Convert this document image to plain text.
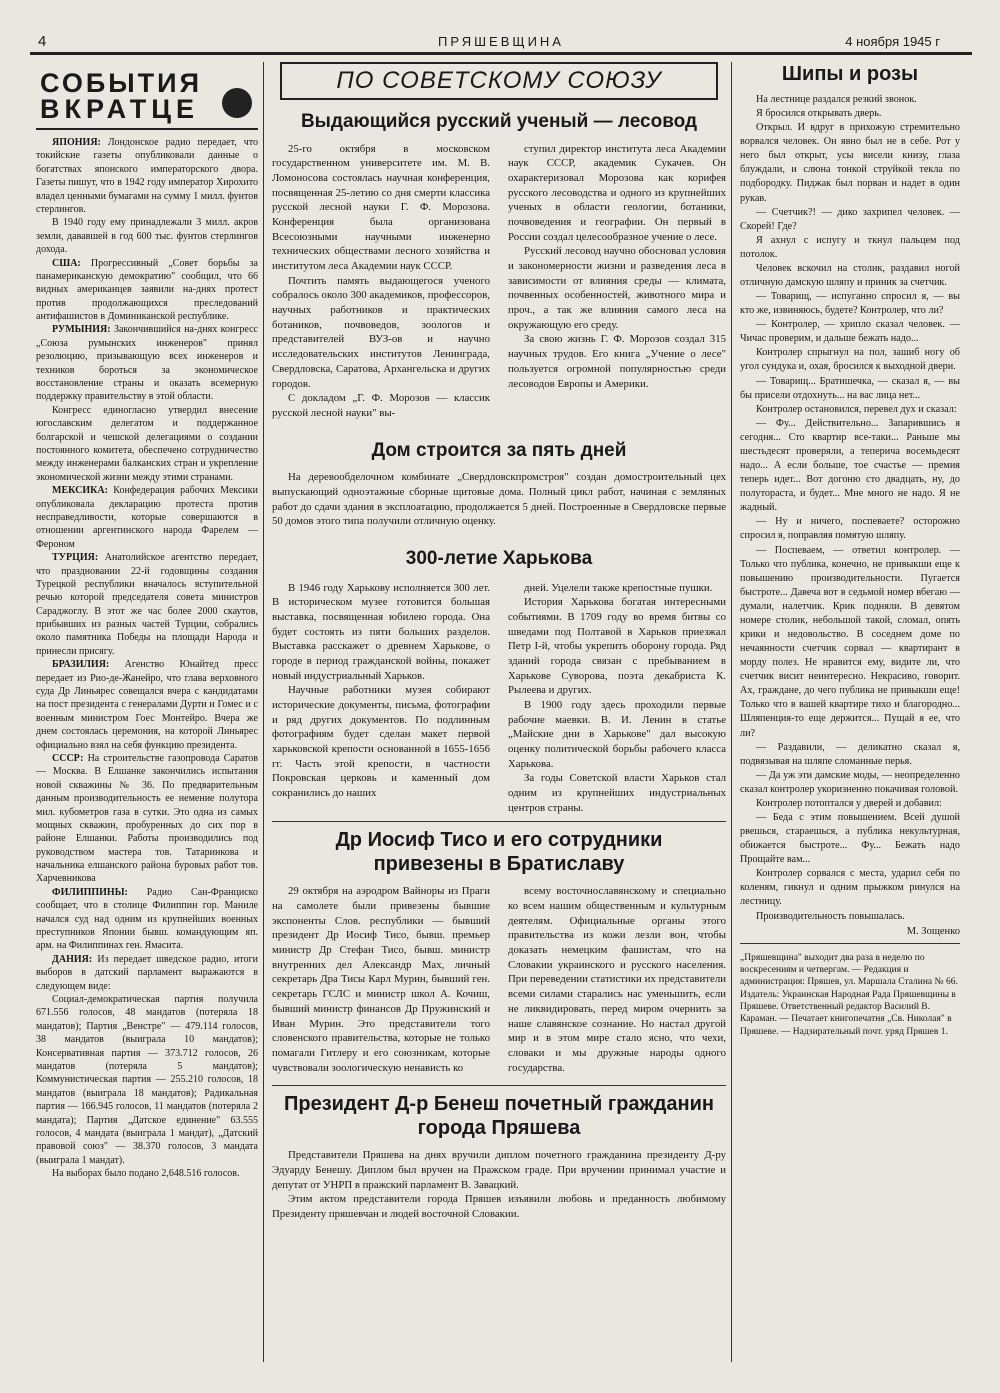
4	ПРЯШЕВЩИНА	4 ноября 1945 г
СОБЫТИЯ
ВКРАТЦЕ

ЯПОНИЯ: Лондонское радио передает, что токийские газеты опубликовали данные о богатствах японского императорского двора. Газеты пишут, что в 1942 году император Хирохито владел ценными бумагами на сумму 1 милл. фунтов стерлингов.

В 1940 году ему принадлежали 3 милл. акров земли, дававшей в год 600 тыс. фунтов стерлингов дохода.

США: Прогрессивный „Совет борьбы за панамериканскую демократию" сообщил, что 66 видных американцев заявили на-днях протест против продолжающихся преследований антифашистов в Доминиканской республике.

РУМЫНИЯ: Закончившийся на-днях конгресс „Союза румынских инженеров" принял резолюцию, призывающую всех инженеров и техников бороться за экономическое восстановление страны и оказать всемерную поддержку правительству в этой области.

Конгресс единогласно утвердил внесение югославским делегатом и поддержанное болгарской и чешской делегациями о создании постоянного комитета, обеспечено сотрудничество между инженерами балканских стран и укрепление экономической жизни между этими странами.

МЕКСИКА: Конфедерация рабочих Мексики опубликовала декларацию протеста против несправедливости, которые совершаются в отношении аргентинского народа Фарелем — Фероном

ТУРЦИЯ: Анатолийское агентство передает, что праздновании 22-й годовщины создания Турецкой республики вначалось вступительной речью которой председателя совета министров Сараджоглу. В этот же час более 2000 скаутов, прибывших из разных частей Турции, собрались около памятника Победы на площади Народа и принесли присягу.

БРАЗИЛИЯ: Агенство Юнайтед пресс передает из Рио-де-Жанейро, что глава верховного суда Др Линьярес совещался вчера с кандидатами на пост президента с генералами Дурти и Гомес и с военным министром Гоес Монтейро. Вчера же днем состоялась церемония, на которой Линьярес официально взял на себя функцию президента.

СССР: На строительстве газопровода Саратов — Москва. В Елшанке закончились испытания новой скважины № 36. По предварительным данным производительность ее немение полутора мил. кубометров газа в сутки. Это одна из самых мощных скважин, пробуренных до сих пор в районе Елшанки. Работы производились под руководством мастера тов. Татаринкова и начальника елшанского района буровых работ тов. Харчевникова

ФИЛИППИНЫ: Радио Сан-Франциско сообщает, что в столице Филиппин гор. Маниле начался суд над одним из крупнейших военных преступников Японии бывш. командующим яп. арм. на Филиппинах ген. Ямасита.

ДАНИЯ: Из передает шведское радио, итоги выборов в датский парламент выражаются в следующем виде:

Социал-демократическая партия получила 671.556 голосов, 48 мандатов (потеряла 18 мандатов); Партия „Венстре" — 479.114 голосов, 38 мандатов (выиграла 10 мандатов); Консервативная партия — 373.712 голосов, 26 мандатов (потеряла 5 мандатов); Коммунистическая партия — 255.210 голосов, 18 мандатов (выиграла 18 мандатов); Радикальная партия — 166.945 голосов, 11 мандатов (потеряла 2 мандата); Партия „Датское единение" 63.555 голосов, 4 мандата (выиграла 1 мандат), „Датский правовой союз" — 38.370 голосов, 3 мандата (выиграла 1 мандат).

На выборах было подано 2,648.516 голосов.

ПО СОВЕТСКОМУ СОЮЗУ
Выдающийся русский ученый — лесовод

25-го октября в московском государственном университете им. М. В. Ломоносова состоялась научная конференция, посвященная 25-летию со дня смерти классика русской лесной науки Г. Ф. Морозова. Конференция была организована Всесоюзными научными инженерно технических обществами лесного хозяйства и институтом леса Академии наук СССР.

Почтить память выдающегося ученого собралось около 300 академиков, профессоров, научных работников и практических ботаников, почвоведов, зоологов и представителей ВУЗ-ов и научно исследовательских институтов Ленинграда, Свердловска, Саратова, Архангельска и других городов.

С докладом „Г. Ф. Морозов — классик русской лесной науки" вы-

ступил директор института леса Академии наук СССР, академик Сукачев. Он охарактеризовал Морозова как корифея русского лесоводства и одного из крупнейших ученых в области геологии, ботаники, почвоведения и географии. Он первый в России создал целесообразное учение о лесе.

Русский лесовод научно обосновал условия и закономерности жизни и разведения леса в зависимости от влияния среды — климата, почвенных особенностей, животного мира и проч., а так же влияния самого леса на окружающую его среду.

За свою жизнь Г. Ф. Морозов создал 315 научных трудов. Его книга „Учение о лесе" пользуется огромной популярностью среди лесоводов Европы и Америки.

Дом строится за пять дней

На деревообделочном комбинате „Свердловскпромстроя" создан домостроительный цех выпускающий одноэтажные сборные щитовые дома. Полный цикл работ, начиная с земляных работ до сдачи здания в эксплоатацию, продолжается 5 дней. Построенные в Свердловске первые 50 домов этого типа получили отличную оценку.

300-летие Харькова

В 1946 году Харькову исполняется 300 лет. В историческом музее готовится большая выставка, посвященная юбилею города. Она будет состоять из пяти больших разделов. Выставка расскажет о древнем Харькове, о городе в период гражданской войны, покажет новый индустриальный Харьков.

Научные работники музея собирают исторические документы, письма, фотографии и ряд других документов. По подлинным фотографиям будет сделан макет первой харьковской крепости основанной в 1655-1656 гг. Часть этой крепости, в частности Покровская церковь и каменный дом сокранились до наших

дней. Уцелели также крепостные пушки.

История Харькова богатая интересными событиями. В 1709 году во время битвы со шведами под Полтавой в Харьков приезжал Петр I-й, чтобы укрепить оборону города. Ряд зданий города связан с пребыванием в Харькове Суворова, поэта декабриста К. Рылеева и других.

В 1900 году здесь проходили первые рабочие маевки. В. И. Ленин в статье „Майские дни в Харькове" дал высокую оценку политической борьбы рабочего класса Харькова.

За годы Советской власти Харьков стал одним из крупнейших индустриальных центров страны.

Др Иосиф Тисо и его сотрудники
привезены в Братиславу

29 октября на аэродром Вайноры из Праги на самолете были привезены бывшие экспоненты Слов. республики — бывший президент Др Иосиф Тисо, бывш. премьер министр Др Стефан Тисо, бывш. министр внутренних дел Александр Мах, личный секретарь Дра Тисы Карл Мурин, бывший ген. секретарь ГСЛС и министр школ А. Кочиш, бывший министр финансов Др Пружинский и Иван Мурин. Это представители того словенского правительства, которые не только помагали Гитлеру и его союзникам, которые чувствовали зоологическую ненависть ко

всему восточнославянскому и специально ко всем нашим общественным и культурным деятелям. Официальные органы этого правительства из кожи лезли вон, чтобы доказать немецким фашистам, что на Словакии украинского и русского населения. При переведении статистики их представители всеми силами старались нас уменьшить, если не ликвидировать, перед миром очернить за наше славянское сознание. Но настал другой мир и в этом мире стало ясно, что чехи, словаки и мы дружные народы одного государства.

Президент Д-р Бенеш почетный гражданин
города Пряшева

Представители Пряшева на днях вручили диплом почетного гражданина президенту Д-ру Эдуарду Бенешу. Диплом был вручен на Пражском граде. При вручении принимал участие и депутат от УНРП в пражский парламент В. Завацкий.

Этим актом представители города Пряшев изъявили любовь и преданность любимому Президенту пряшевчан и людей восточной Словакии.

Шипы и розы

На лестнице раздался резкий звонок.

Я бросился открывать дверь.

Открыл. И вдруг в прихожую стремительно ворвался человек. Он явно был не в себе. Рот у него был открыт, усы висели книзу, глаза блуждали, и слюна тонкой струйкой текла по подбородку. Пиджак был порван и надет в один рукав.

— Счетчик?! — дико захрипел человек. — Скорей! Где?

Я ахнул с испугу и ткнул пальцем под потолок.

Человек вскочил на столик, раздавил ногой отличную дамскую шляпу и приник за счетчик.

— Товарищ, — испуганно спросил я, — вы кто же, извиняюсь, будете? Контролер, что ли?

— Контролер, — хрипло сказал человек. — Чичас проверим, и дальше бежать надо...

Контролер спрыгнул на пол, зашиб ногу об угол сундука и, охая, бросился к выходной двери.

— Товарищ... Братишечка, — сказал я, — вы бы присели отдохнуть... на вас лица нет...

Контролер остановился, перевел дух и сказал:

— Фу... Действительно... Запарившись я сегодня... Сто квартир все-таки... Раньше мы шестьдесят проверяли, а теперича восемьдесят надо... А если больше, тое счастье — премия теперь идет... Вот догоню сто двадцать, ну, до полутораста, и будет... Мне много не надо. Я не жадный.

— Ну и ничего, поспеваете? осторожно спросил я, поправляя помятую шляпу.

— Поспеваем, — ответил контролер. — Только что публика, конечно, не привыкши еще к повышению производительности. Пугается быстроте... Давеча вот в седьмой номер вбегаю — думали, налетчик. Крик подняли. В девятом номере столик, небольшой такой, сломал, опять крики и недовольство. В соседнем доме по нечаянности счетчик сорвал — квартирант в морду полез. Не нравится ему, видите ли, что счетчик висит неинтересно. Некрасиво, говорит. Ах, граждане, до чего публика не привыкши еще! Только что в вашей квартире тихо и благородно... Шляпенция-то еще держится... Пущай я ее, что ли?

— Раздавили, — деликатно сказал я, подвязывая на шляпе сломанные перья.

— Да уж эти дамские моды, — неопределенно сказал контролер укоризненно покачивая головой.

Контролер потоптался у дверей и добавил:

— Беда с этим повышением. Всей душой рвешься, стараешься, а публика некультурная, обижается быстроте... Фу... Бежать надо Прощайте вам...

Контролер сорвался с места, ударил себя по коленям, гикнул и одним прыжком ринулся на лестницу.

Производительность повышалась.

М. Зощенко
„Пряшевщина" выходит два раза в неделю по воскресениям и четвергам. — Редакция и администрация: Пряшев, ул. Маршала Сталина № 66. Издатель: Украинская Народная Рада Пряшевщины в Пряшеве. Ответственный редактор Василий В. Караман. — Печатает книгопечатня „Св. Николая" в Пряшеве. — Надзирательный почт. уряд Пряшев 1.
